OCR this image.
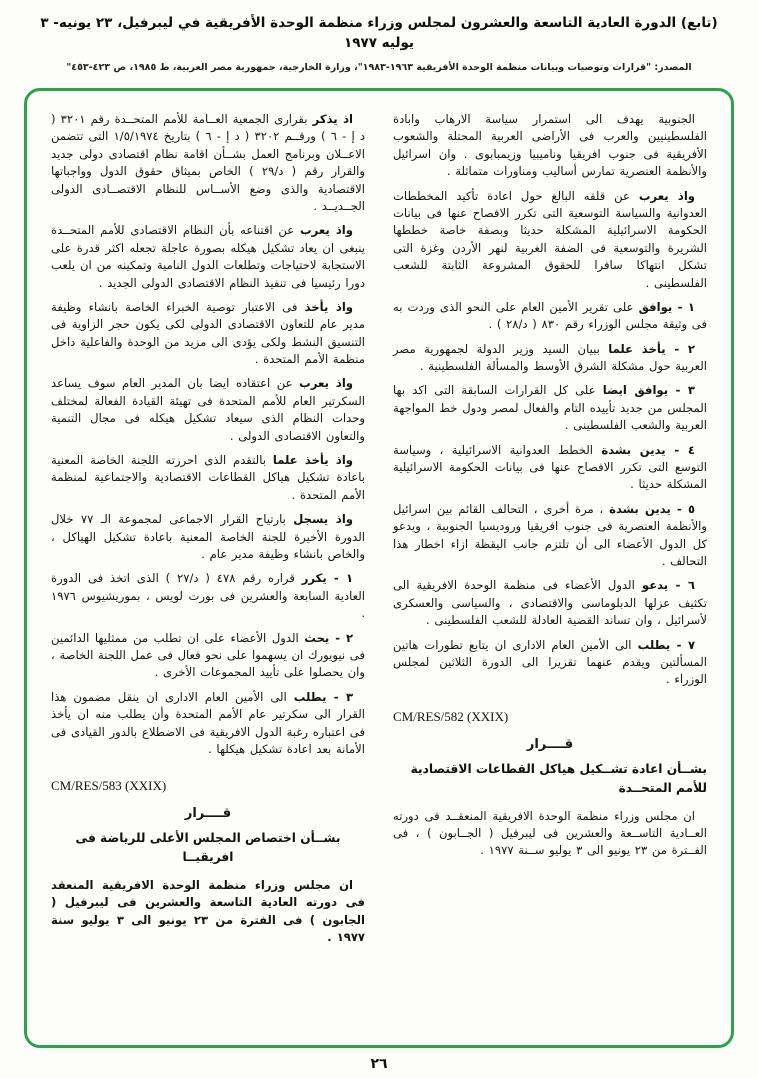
(تابع) الدورة العادية التاسعة والعشرون لمجلس وزراء منظمة الوحدة الأفريقية في ليبرفيل، ٢٣ يونيه- ٣ يوليه ١٩٧٧
المصدر: "قرارات وتوصيات وبيانات منظمة الوحدة الأفريقية ١٩٦٣-١٩٨٣"، وزارة الخارجية، جمهورية مصر العربية، ط ١٩٨٥، ص ٤٢٣-٤٥٣"

الجنوبية يهدف الى استمرار سياسة الارهاب وابادة الفلسطينيين والعرب فى الأراضى العربية المحتلة والشعوب الأفريقية فى جنوب افريقيا وناميبيا وزيمبابوى . وان اسرائيل والأنظمة العنصرية تمارس أساليب ومناورات متماثلة .

واذ يعرب عن قلقه البالغ حول اعادة تأكيد المخططات العدوانية والسياسة التوسعية التى تكرر الافصاح عنها فى بيانات الحكومة الاسرائيلية المشكلة حديثا وبصفة خاصة خططها الشريرة والتوسعية فى الضفة الغربية لنهر الأردن وغزة التى تشكل انتهاكا سافرا للحقوق المشروعة الثابتة للشعب الفلسطينى .

١ - يوافق على تقرير الأمين العام على النحو الذى وردت به فى وثيقة مجلس الوزراء رقم ٨٣٠ ( د/٢٨ ) .

٢ - يأخذ علما ببيان السيد وزير الدولة لجمهورية مصر العربية حول مشكلة الشرق الأوسط والمسألة الفلسطينية .

٣ - يوافق ايضا على كل القرارات السابقة التى اكد بها المجلس من جديد تأييده التام والفعال لمصر ودول خط المواجهة العربية والشعب الفلسطينى .

٤ - يدين بشدة الخطط العدوانية الاسرائيلية ، وسياسة التوسع التى تكرر الافصاح عنها فى بيانات الحكومة الاسرائيلية المشكلة حديثا .

٥ - يدين بشدة ، مرة أخرى ، التحالف القائم بين اسرائيل والأنظمة العنصرية فى جنوب افريقيا وروديسيا الجنوبية ، ويدعو كل الدول الأعضاء الى أن تلتزم جانب اليقظة ازاء اخطار هذا التحالف .

٦ - يدعو الدول الأعضاء فى منظمة الوحدة الافريقية الى تكثيف عزلها الدبلوماسى والاقتصادى ، والسياسى والعسكرى لأسرائيل ، وان تساند القضية العادلة للشعب الفلسطينى .

٧ - يطلب الى الأمين العام الادارى ان يتابع تطورات هاتين المسألتين ويقدم عنهما تقريرا الى الدورة الثلاثين لمجلس الوزراء .

CM/RES/582 (XXIX)

قــــرار

بشــأن اعادة تشــكيل هياكل القطاعات الاقتصادية للأمم المتحــدة

ان مجلس وزراء منظمة الوحدة الافريقية المنعقــد فى دورته العــادية التاســعة والعشرين فى ليبرفيل ( الجــابون ) ، فى الفــترة من ٢٣ يونيو الى ٣ يوليو ســنة ١٩٧٧ .

اذ يذكر بقرارى الجمعية العــامة للأمم المتحــدة رقم ٣٢٠١ ( د إ - ٦ ) ورقــم ٣٢٠٢ ( د إ - ٦ ) بتاريخ ١/٥/١٩٧٤ التى تتضمن الاعــلان وبرنامج العمل بشــأن اقامة نظام اقتصادى دولى جديد والقرار رقم ( د/٢٩ ) الخاص بميثاق حقوق الدول وواجباتها الاقتصادية والذى وضع الأســاس للنظام الاقتصــادى الدولى الجــديــد .

واذ يعرب عن اقتناعه بأن النظام الاقتصادى للأمم المتحــدة ينبغى ان يعاد تشكيل هيكله بصورة عاجلة تجعله اكثر قدرة على الاستجابة لاحتياجات وتطلعات الدول النامية وتمكينه من ان يلعب دورا رئيسيا فى تنفيذ النظام الاقتصادى الدولى الجديد .

واذ يأخذ فى الاعتبار توصية الخبراء الخاصة بانشاء وظيفة مدير عام للتعاون الاقتصادى الدولى لكى يكون حجر الزاوية فى التنسيق النشط ولكى يؤدى الى مزيد من الوحدة والفاعلية داخل منظمة الأمم المتحدة .

واذ يعرب عن اعتقاده ايضا بان المدير العام سوف يساعد السكرتير العام للأمم المتحدة فى تهيئة القيادة الفعالة لمختلف وحدات النظام الذى سيعاد تشكيل هيكله فى مجال التنمية والتعاون الاقتصادى الدولى .

واذ يأخذ علما بالتقدم الذى احرزته اللجنة الخاصة المعنية باعادة تشكيل هياكل القطاعات الاقتصادية والاجتماعية لمنظمة الأمم المتحدة .

واذ يسجل بارتياح القرار الاجماعى لمجموعة الـ ٧٧ خلال الدورة الأخيرة للجنة الخاصة المعنية باعادة تشكيل الهياكل ، والخاص بانشاء وظيفة مدير عام .

١ - يكرر قراره رقم ٤٧٨ ( د/٢٧ ) الذى اتخذ فى الدورة العادية السابعة والعشرين فى بورت لويس ، بموريشيوس ١٩٧٦ .

٢ - يحث الدول الأعضاء على ان تطلب من ممثليها الدائمين فى نيويورك ان يسهموا على نحو فعال فى عمل اللجنة الخاصة ، وان يحصلوا على تأييد المجموعات الأخرى .

٣ - يطلب الى الأمين العام الادارى ان ينقل مضمون هذا القرار الى سكرتير عام الأمم المتحدة وأن يطلب منه ان يأخذ فى اعتباره رغبة الدول الافريقية فى الاضطلاع بالدور القيادى فى الأمانة بعد اعادة تشكيل هيكلها .

CM/RES/583 (XXIX)

قــــرار

بشــأن اختصاص المجلس الأعلى للرياضة فى افريقيــا

ان مجلس وزراء منظمة الوحدة الافريقية المنعقد فى دورته العادية التاسعة والعشرين فى ليبرفيل ( الجابون ) فى الفترة من ٢٣ يونيو الى ٣ يوليو سنة ١٩٧٧ .

٢٦
